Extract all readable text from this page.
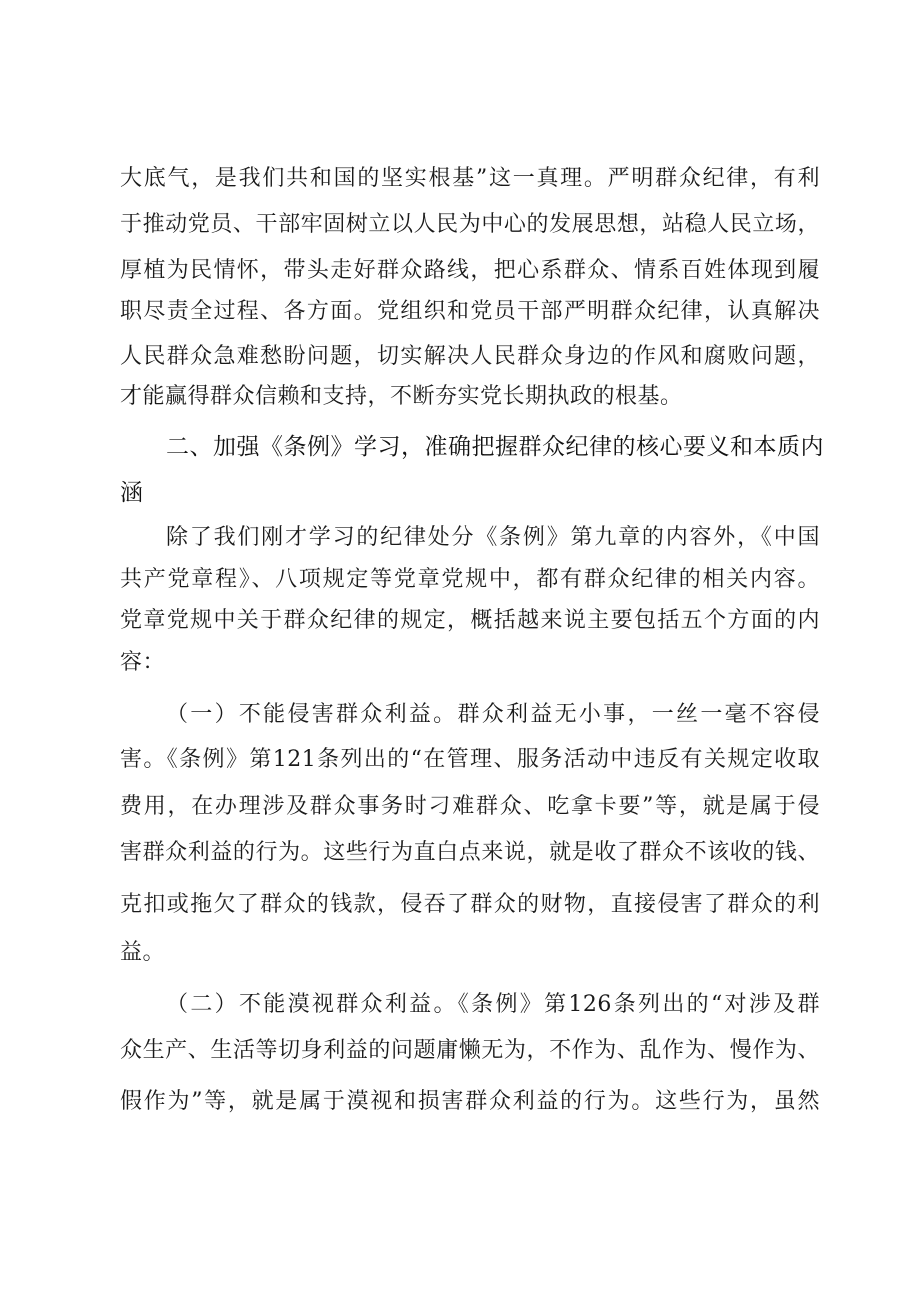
大底气，是我们共和国的坚实根基”这一真理。严明群众纪律，有利
于推动党员、干部牢固树立以人民为中心的发展思想，站稳人民立场，
厚植为民情怀，带头走好群众路线，把心系群众、情系百姓体现到履
职尽责全过程、各方面。党组织和党员干部严明群众纪律，认真解决
人民群众急难愁盼问题，切实解决人民群众身边的作风和腐败问题，
才能赢得群众信赖和支持，不断夯实党长期执政的根基。
二、加强《条例》学习，准确把握群众纪律的核心要义和本质内
涵
除了我们刚才学习的纪律处分《条例》第九章的内容外，《中国
共产党章程》、八项规定等党章党规中，都有群众纪律的相关内容。
党章党规中关于群众纪律的规定，概括越来说主要包括五个方面的内
容：
（一）不能侵害群众利益。群众利益无小事，一丝一毫不容侵
害。《条例》第121条列出的“在管理、服务活动中违反有关规定收取
费用，在办理涉及群众事务时刁难群众、吃拿卡要”等，就是属于侵
害群众利益的行为。这些行为直白点来说，就是收了群众不该收的钱、
克扣或拖欠了群众的钱款，侵吞了群众的财物，直接侵害了群众的利
益。
（二）不能漠视群众利益。《条例》第126条列出的“对涉及群
众生产、生活等切身利益的问题庸懒无为，不作为、乱作为、慢作为、
假作为”等，就是属于漠视和损害群众利益的行为。这些行为，虽然
